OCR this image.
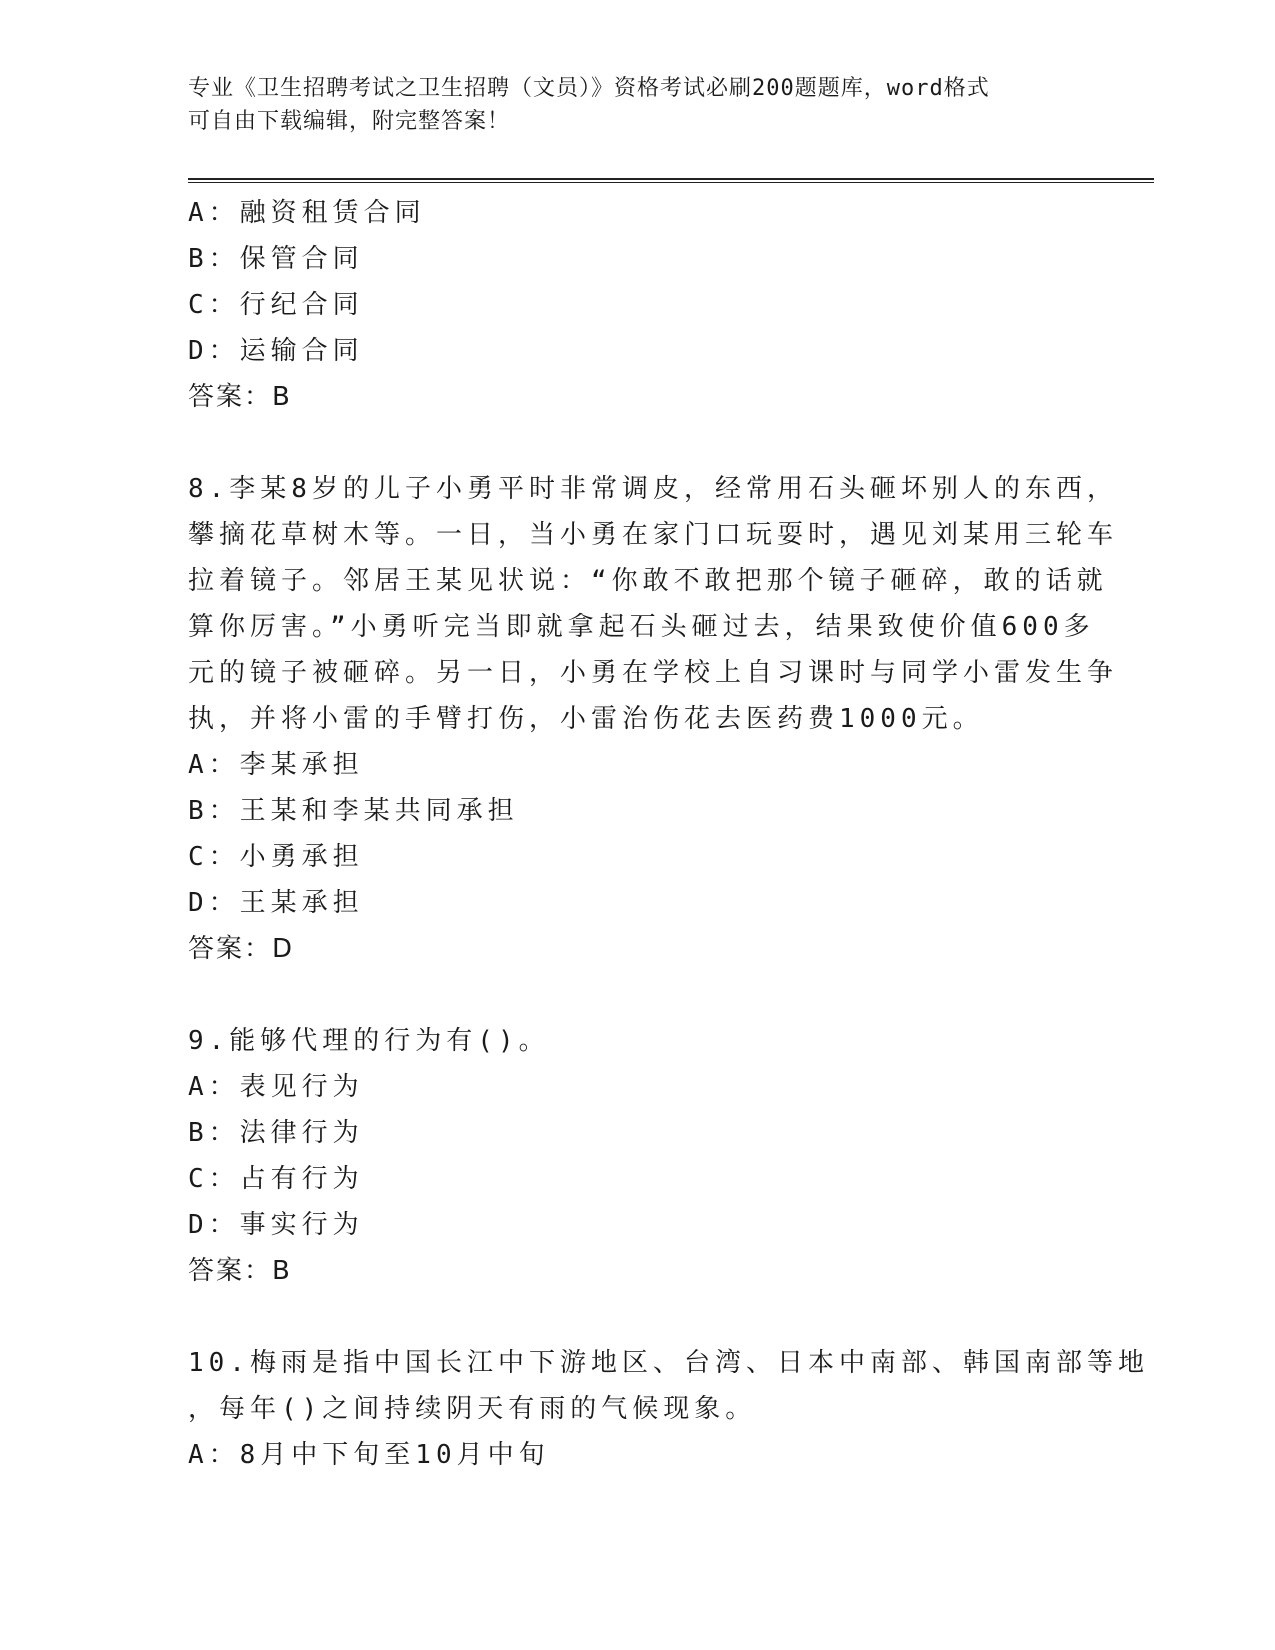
专业《卫生招聘考试之卫生招聘（文员）》资格考试必刷200题题库，word格式
可自由下载编辑，附完整答案！
A：融资租赁合同
B：保管合同
C：行纪合同
D：运输合同
答案：B
8.李某8岁的儿子小勇平时非常调皮，经常用石头砸坏别人的东西，
攀摘花草树木等。一日，当小勇在家门口玩耍时，遇见刘某用三轮车
拉着镜子。邻居王某见状说：“你敢不敢把那个镜子砸碎，敢的话就
算你厉害。”小勇听完当即就拿起石头砸过去，结果致使价值600多
元的镜子被砸碎。另一日，小勇在学校上自习课时与同学小雷发生争
执，并将小雷的手臂打伤，小雷治伤花去医药费1000元。
A：李某承担
B：王某和李某共同承担
C：小勇承担
D：王某承担
答案：D
9.能够代理的行为有()。
A：表见行为
B：法律行为
C：占有行为
D：事实行为
答案：B
10.梅雨是指中国长江中下游地区、台湾、日本中南部、韩国南部等地
，每年()之间持续阴天有雨的气候现象。
A：8月中下旬至10月中旬
